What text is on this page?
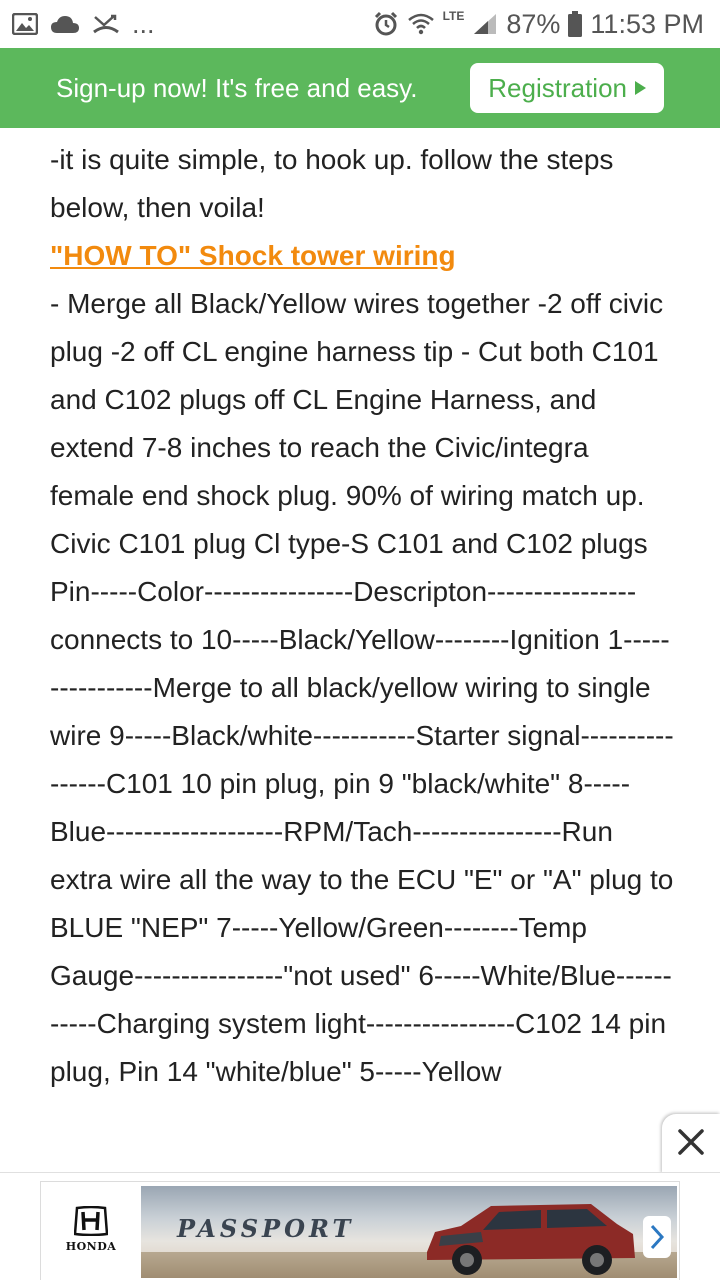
...	LTE 87% 11:53 PM
Sign-up now! It's free and easy.	Registration

-it is quite simple, to hook up. follow the steps below, then voila!

"HOW TO" Shock tower wiring

- Merge all Black/Yellow wires together -2 off civic plug -2 off CL engine harness tip - Cut both C101 and C102 plugs off CL Engine Harness, and extend 7-8 inches to reach the Civic/integra female end shock plug. 90% of wiring match up. Civic C101 plug Cl type-S C101 and C102 plugs Pin-----Color----------------Descripton----------------connects to 10-----Black/Yellow--------Ignition 1----------------Merge to all black/yellow wiring to single wire 9-----Black/white-----------Starter signal----------------C101 10 pin plug, pin 9 "black/white" 8-----Blue-------------------RPM/Tach----------------Run extra wire all the way to the ECU "E" or "A" plug to BLUE "NEP" 7-----Yellow/Green--------Temp Gauge----------------"not used" 6-----White/Blue-----------Charging system light----------------C102 14 pin plug, Pin 14 "white/blue" 5-----Yellow

HONDA
PASSPORT
